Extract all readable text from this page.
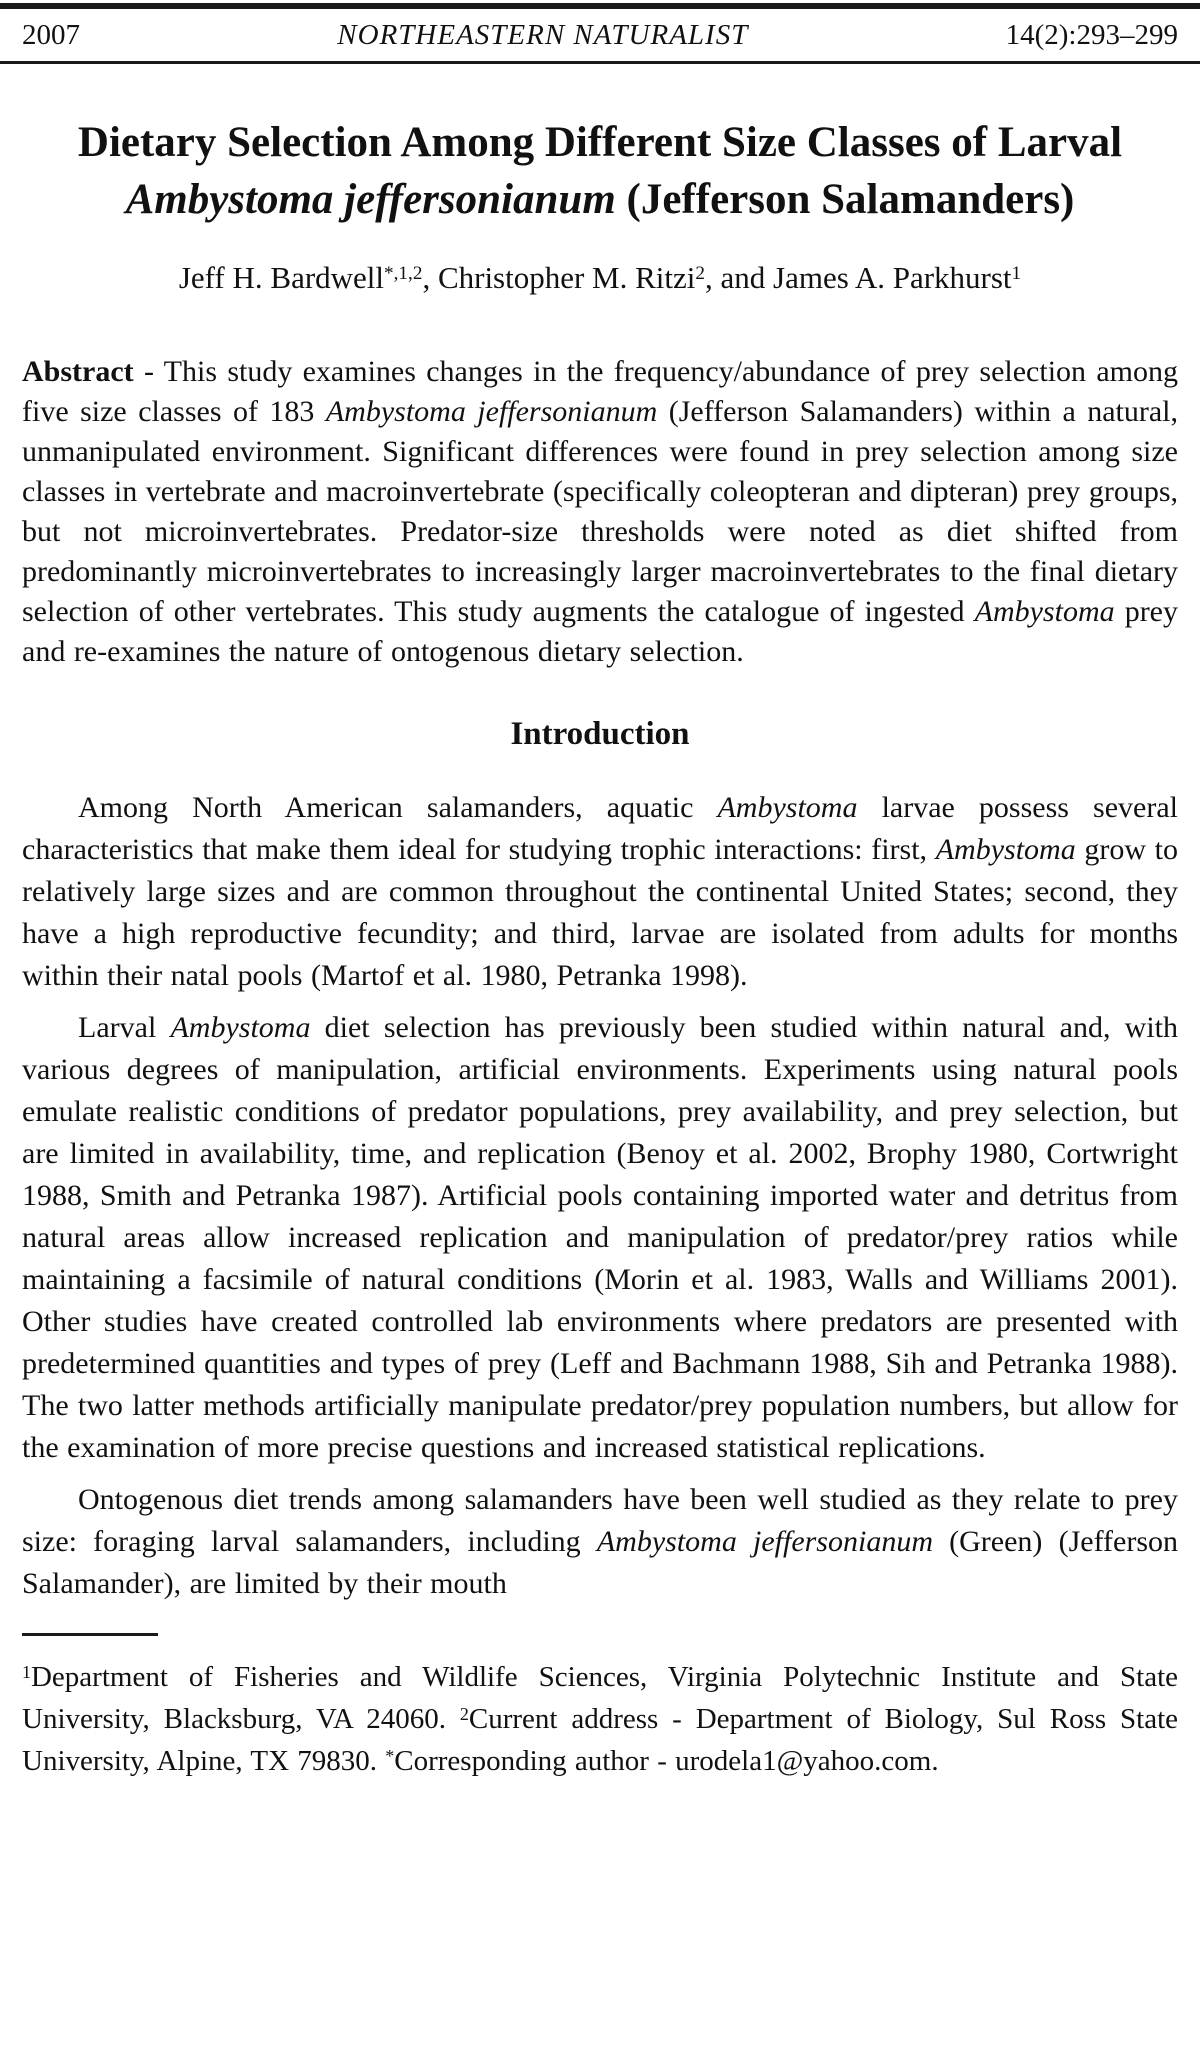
2007	NORTHEASTERN NATURALIST	14(2):293–299
Dietary Selection Among Different Size Classes of Larval
Ambystoma jeffersonianum (Jefferson Salamanders)
Jeff H. Bardwell$^{*,1,2}$, Christopher M. Ritzi$^2$, and James A. Parkhurst$^1$

Abstract - This study examines changes in the frequency/abundance of prey selection among five size classes of 183 Ambystoma jeffersonianum (Jefferson Salamanders) within a natural, unmanipulated environment. Significant differences were found in prey selection among size classes in vertebrate and macroinvertebrate (specifically coleopteran and dipteran) prey groups, but not microinvertebrates. Predator-size thresholds were noted as diet shifted from predominantly microinvertebrates to increasingly larger macroinvertebrates to the final dietary selection of other vertebrates. This study augments the catalogue of ingested Ambystoma prey and re-examines the nature of ontogenous dietary selection.

Introduction

Among North American salamanders, aquatic Ambystoma larvae possess several characteristics that make them ideal for studying trophic interactions: first, Ambystoma grow to relatively large sizes and are common throughout the continental United States; second, they have a high reproductive fecundity; and third, larvae are isolated from adults for months within their natal pools (Martof et al. 1980, Petranka 1998).

Larval Ambystoma diet selection has previously been studied within natural and, with various degrees of manipulation, artificial environments. Experiments using natural pools emulate realistic conditions of predator populations, prey availability, and prey selection, but are limited in availability, time, and replication (Benoy et al. 2002, Brophy 1980, Cortwright 1988, Smith and Petranka 1987). Artificial pools containing imported water and detritus from natural areas allow increased replication and manipulation of predator/prey ratios while maintaining a facsimile of natural conditions (Morin et al. 1983, Walls and Williams 2001). Other studies have created controlled lab environments where predators are presented with predetermined quantities and types of prey (Leff and Bachmann 1988, Sih and Petranka 1988). The two latter methods artificially manipulate predator/prey population numbers, but allow for the examination of more precise questions and increased statistical replications.

Ontogenous diet trends among salamanders have been well studied as they relate to prey size: foraging larval salamanders, including Ambystoma jeffersonianum (Green) (Jefferson Salamander), are limited by their mouth

$^1$Department of Fisheries and Wildlife Sciences, Virginia Polytechnic Institute and State University, Blacksburg, VA 24060. $^2$Current address - Department of Biology, Sul Ross State University, Alpine, TX 79830. *Corresponding author - urodela1@yahoo.com.
